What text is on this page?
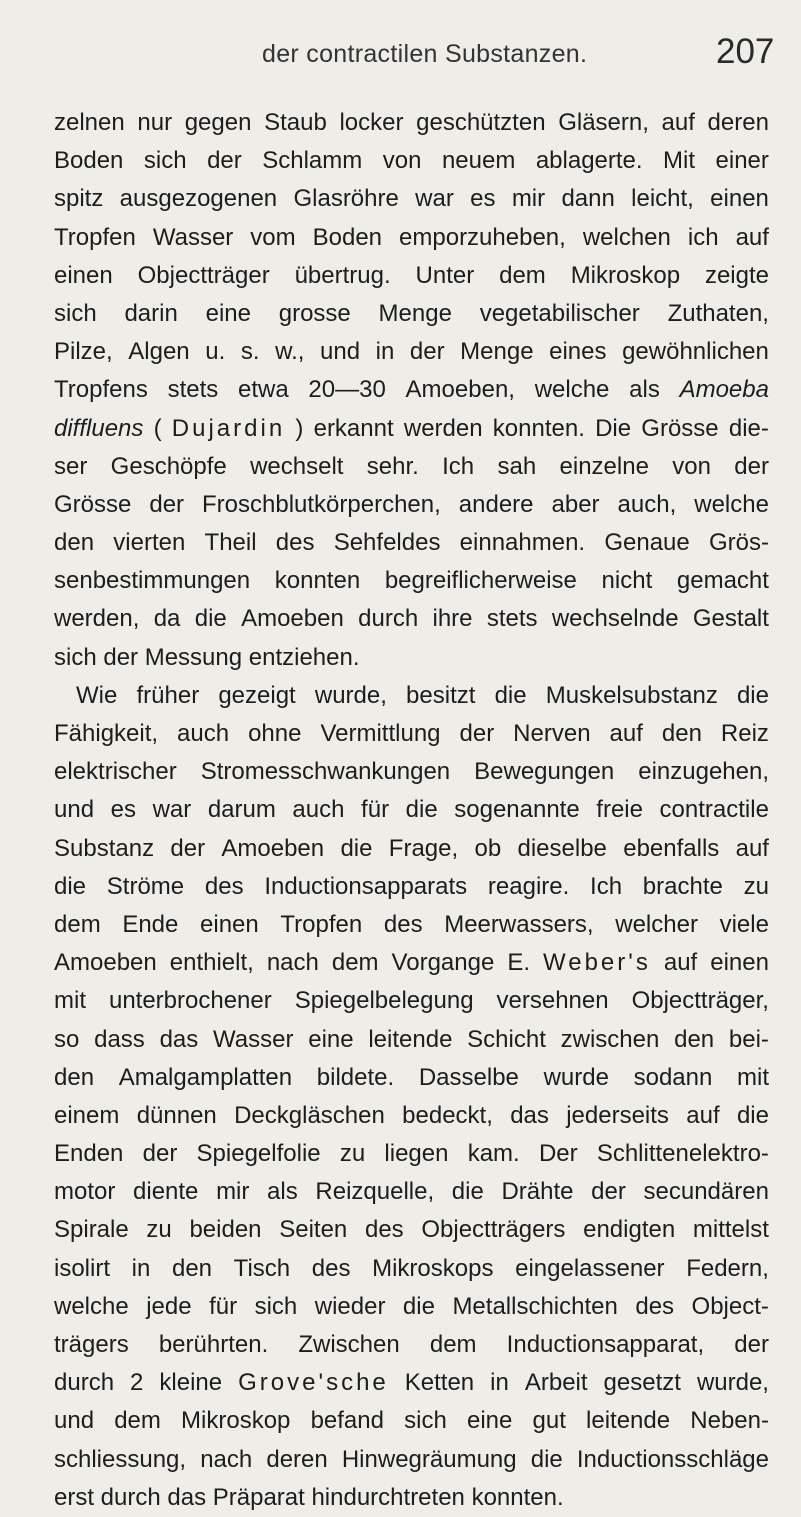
der contractilen Substanzen.	207
zelnen nur gegen Staub locker geschützten Gläsern, auf deren
Boden sich der Schlamm von neuem ablagerte. Mit einer
spitz ausgezogenen Glasröhre war es mir dann leicht, einen
Tropfen Wasser vom Boden emporzuheben, welchen ich auf
einen Objectträger übertrug. Unter dem Mikroskop zeigte
sich darin eine grosse Menge vegetabilischer Zuthaten,
Pilze, Algen u. s. w., und in der Menge eines gewöhnlichen
Tropfens stets etwa 20—30 Amoeben, welche als Amoeba
diffluens ( Dujardin ) erkannt werden konnten. Die Grösse die-
ser Geschöpfe wechselt sehr. Ich sah einzelne von der
Grösse der Froschblutkörperchen, andere aber auch, welche
den vierten Theil des Sehfeldes einnahmen. Genaue Grös-
senbestimmungen konnten begreiflicherweise nicht gemacht
werden, da die Amoeben durch ihre stets wechselnde Gestalt
sich der Messung entziehen.
Wie früher gezeigt wurde, besitzt die Muskelsubstanz die
Fähigkeit, auch ohne Vermittlung der Nerven auf den Reiz
elektrischer Stromesschwankungen Bewegungen einzugehen,
und es war darum auch für die sogenannte freie contractile
Substanz der Amoeben die Frage, ob dieselbe ebenfalls auf
die Ströme des Inductionsapparats reagire. Ich brachte zu
dem Ende einen Tropfen des Meerwassers, welcher viele
Amoeben enthielt, nach dem Vorgange E. Weber's auf einen
mit unterbrochener Spiegelbelegung versehnen Objectträger,
so dass das Wasser eine leitende Schicht zwischen den bei-
den Amalgamplatten bildete. Dasselbe wurde sodann mit
einem dünnen Deckgläschen bedeckt, das jederseits auf die
Enden der Spiegelfolie zu liegen kam. Der Schlittenelektro-
motor diente mir als Reizquelle, die Drähte der secundären
Spirale zu beiden Seiten des Objectträgers endigten mittelst
isolirt in den Tisch des Mikroskops eingelassener Federn,
welche jede für sich wieder die Metallschichten des Object-
trägers berührten. Zwischen dem Inductionsapparat, der
durch 2 kleine Grove'sche Ketten in Arbeit gesetzt wurde,
und dem Mikroskop befand sich eine gut leitende Neben-
schliessung, nach deren Hinwegräumung die Inductionsschläge
erst durch das Präparat hindurchtreten konnten.
